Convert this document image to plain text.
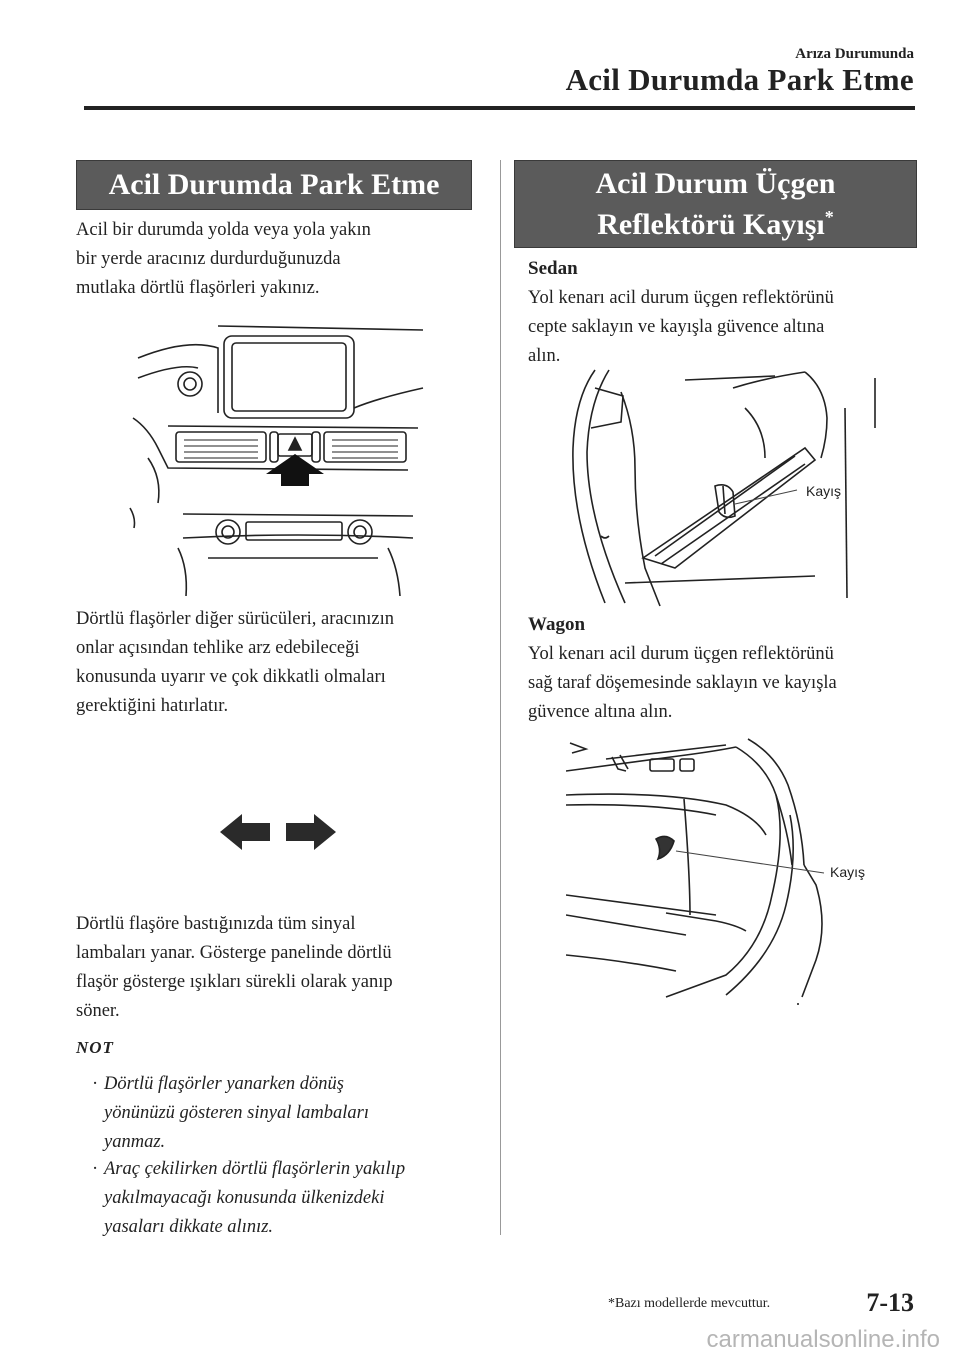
Arıza Durumunda
Acil Durumda Park Etme
Acil Durumda Park Etme
Acil bir durumda yolda veya yola yakın
bir yerde aracınız durdurduğunuzda
mutlaka dörtlü flaşörleri yakınız.
Dörtlü flaşörler diğer sürücüleri, aracınızın
onlar açısından tehlike arz edebileceği
konusunda uyarır ve çok dikkatli olmaları
gerektiğini hatırlatır.
Dörtlü flaşöre bastığınızda tüm sinyal
lambaları yanar. Gösterge panelinde dörtlü
flaşör gösterge ışıkları sürekli olarak yanıp
söner.
NOT
· Dörtlü flaşörler yanarken dönüş
yönünüzü gösteren sinyal lambaları
yanmaz.
· Araç çekilirken dörtlü flaşörlerin yakılıp
yakılmayacağı konusunda ülkenizdeki
yasaları dikkate alınız.
Acil Durum Üçgen
Reflektörü Kayışı*
Sedan
Yol kenarı acil durum üçgen reflektörünü
cepte saklayın ve kayışla güvence altına
alın.
Kayış
Wagon
Yol kenarı acil durum üçgen reflektörünü
sağ taraf döşemesinde saklayın ve kayışla
güvence altına alın.
Kayış
*Bazı modellerde mevcuttur.	7-13
carmanualsonline.info
